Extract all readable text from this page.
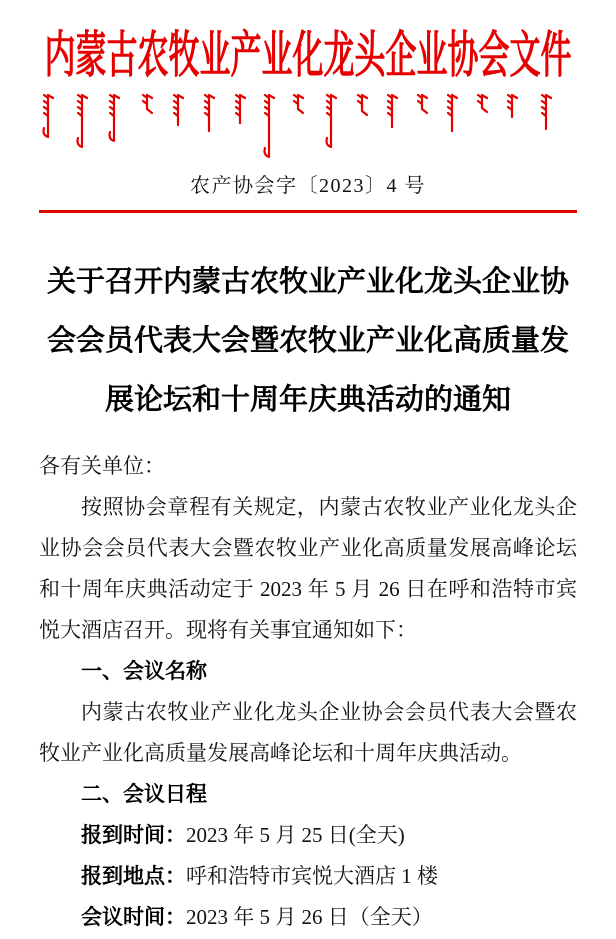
内蒙古农牧业产业化龙头企业协会文件
农产协会字〔2023〕4 号
关于召开内蒙古农牧业产业化龙头企业协
会会员代表大会暨农牧业产业化高质量发
展论坛和十周年庆典活动的通知
各有关单位：
按照协会章程有关规定，内蒙古农牧业产业化龙头企业协会会员代表大会暨农牧业产业化高质量发展高峰论坛和十周年庆典活动定于 2023 年 5 月 26 日在呼和浩特市宾悦大酒店召开。现将有关事宜通知如下：
一、会议名称
内蒙古农牧业产业化龙头企业协会会员代表大会暨农牧业产业化高质量发展高峰论坛和十周年庆典活动。
二、会议日程
报到时间：2023 年 5 月 25 日(全天)
报到地点：呼和浩特市宾悦大酒店 1 楼
会议时间：2023 年 5 月 26 日（全天）
